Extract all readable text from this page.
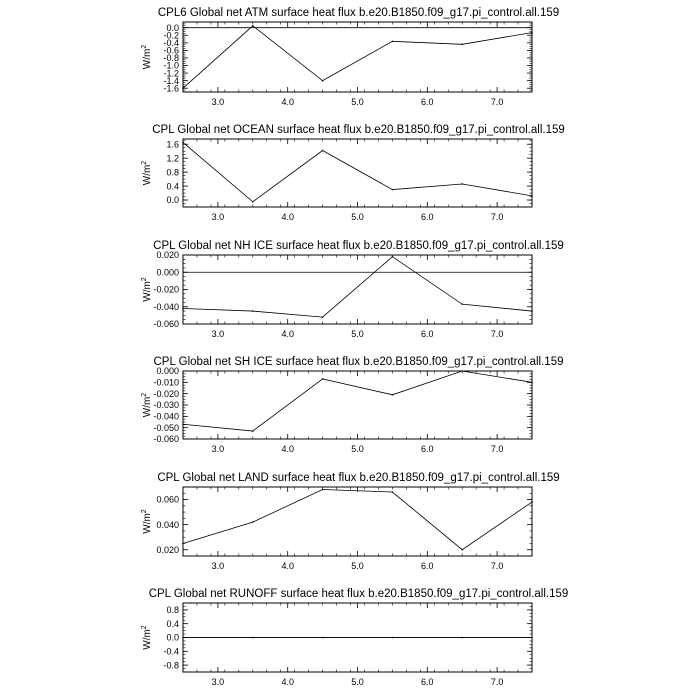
CPL6 Global net ATM surface heat flux b.e20.B1850.f09_g17.pi_control.all.159
3.0	4.0	5.0	6.0	7.0
0.0
-0.2
-0.4
-0.6
-0.8
-1.0
-1.2
-1.4
-1.6
$W/m^2$
CPL Global net OCEAN surface heat flux b.e20.B1850.f09_g17.pi_control.all.159
3.0	4.0	5.0	6.0	7.0
1.6
1.2
0.8
0.4
0.0
$W/m^2$
CPL Global net NH ICE surface heat flux b.e20.B1850.f09_g17.pi_control.all.159
3.0	4.0	5.0	6.0	7.0
0.020
0.000
-0.020
-0.040
-0.060
$W/m^2$
CPL Global net SH ICE surface heat flux b.e20.B1850.f09_g17.pi_control.all.159
3.0	4.0	5.0	6.0	7.0
0.000
-0.010
-0.020
-0.030
-0.040
-0.050
-0.060
$W/m^2$
CPL Global net LAND surface heat flux b.e20.B1850.f09_g17.pi_control.all.159
3.0	4.0	5.0	6.0	7.0
0.060
0.040
0.020
$W/m^2$
CPL Global net RUNOFF surface heat flux b.e20.B1850.f09_g17.pi_control.all.159
3.0	4.0	5.0	6.0	7.0
0.8
0.4
0.0
-0.4
-0.8
$W/m^2$
